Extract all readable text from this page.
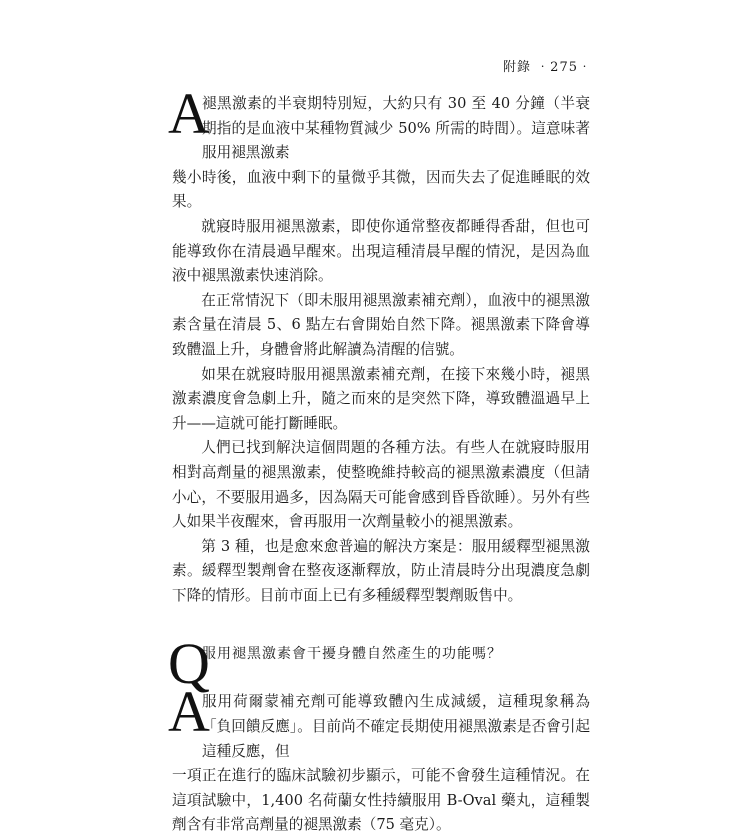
附錄 ‧275‧
A

褪黑激素的半衰期特別短，大約只有 30 至 40 分鐘（半衰期指的是血液中某種物質減少 50% 所需的時間）。這意味著服用褪黑激素

幾小時後，血液中剩下的量微乎其微，因而失去了促進睡眠的效果。

就寢時服用褪黑激素，即使你通常整夜都睡得香甜，但也可能導致你在清晨過早醒來。出現這種清晨早醒的情況，是因為血液中褪黑激素快速消除。

在正常情況下（即未服用褪黑激素補充劑），血液中的褪黑激素含量在清晨 5、6 點左右會開始自然下降。褪黑激素下降會導致體溫上升，身體會將此解讀為清醒的信號。

如果在就寢時服用褪黑激素補充劑，在接下來幾小時，褪黑激素濃度會急劇上升，隨之而來的是突然下降，導致體溫過早上升——這就可能打斷睡眠。

人們已找到解決這個問題的各種方法。有些人在就寢時服用相對高劑量的褪黑激素，使整晚維持較高的褪黑激素濃度（但請小心，不要服用過多，因為隔天可能會感到昏昏欲睡）。另外有些人如果半夜醒來，會再服用一次劑量較小的褪黑激素。

第 3 種，也是愈來愈普遍的解決方案是：服用緩釋型褪黑激素。緩釋型製劑會在整夜逐漸釋放，防止清晨時分出現濃度急劇下降的情形。目前市面上已有多種緩釋型製劑販售中。

Q

服用褪黑激素會干擾身體自然產生的功能嗎？

A

服用荷爾蒙補充劑可能導致體內生成減緩，這種現象稱為「負回饋反應」。目前尚不確定長期使用褪黑激素是否會引起這種反應，但

一項正在進行的臨床試驗初步顯示，可能不會發生這種情況。在這項試驗中，1,400 名荷蘭女性持續服用 B-Oval 藥丸，這種製劑含有非常高劑量的褪黑激素（75 毫克）。
